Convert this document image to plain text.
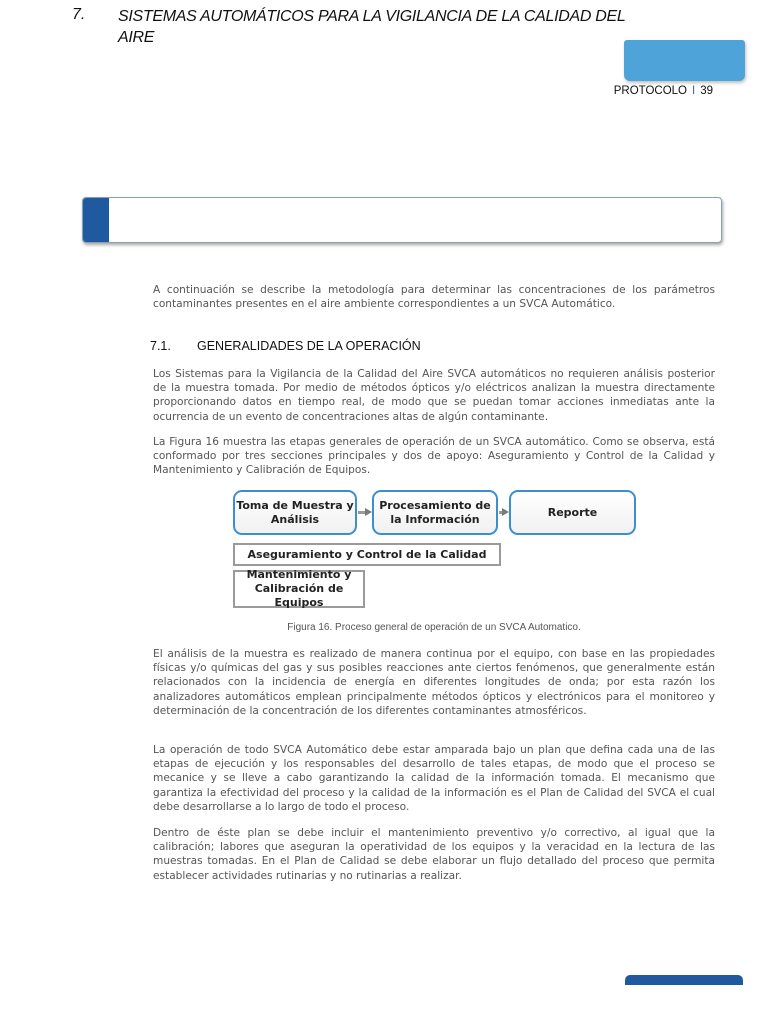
PROTOCOLO I 39
7. SISTEMAS AUTOMÁTICOS PARA LA VIGILANCIA DE LA CALIDAD DEL AIRE

A continuación se describe la metodología para determinar las concentraciones de los parámetros contaminantes presentes en el aire ambiente correspondientes a un SVCA Automático.

7.1. GENERALIDADES DE LA OPERACIÓN

Los Sistemas para la Vigilancia de la Calidad del Aire SVCA automáticos no requieren análisis posterior de la muestra tomada. Por medio de métodos ópticos y/o eléctricos analizan la muestra directamente proporcionando datos en tiempo real, de modo que se puedan tomar acciones inmediatas ante la ocurrencia de un evento de concentraciones altas de algún contaminante.

La Figura 16 muestra las etapas generales de operación de un SVCA automático. Como se observa, está conformado por tres secciones principales y dos de apoyo: Aseguramiento y Control de la Calidad y Mantenimiento y Calibración de Equipos.

Toma de Muestra y Análisis
Procesamiento de la Información
Reporte
Aseguramiento y Control de la Calidad
Mantenimiento y Calibración de Equipos
Figura 16. Proceso general de operación de un SVCA Automatico.

El análisis de la muestra es realizado de manera continua por el equipo, con base en las propiedades físicas y/o químicas del gas y sus posibles reacciones ante ciertos fenómenos, que generalmente están relacionados con la incidencia de energía en diferentes longitudes de onda; por esta razón los analizadores automáticos emplean principalmente métodos ópticos y electrónicos para el monitoreo y determinación de la concentración de los diferentes contaminantes atmosféricos.

La operación de todo SVCA Automático debe estar amparada bajo un plan que defina cada una de las etapas de ejecución y los responsables del desarrollo de tales etapas, de modo que el proceso se mecanice y se lleve a cabo garantizando la calidad de la información tomada. El mecanismo que garantiza la efectividad del proceso y la calidad de la información es el Plan de Calidad del SVCA el cual debe desarrollarse a lo largo de todo el proceso.

Dentro de éste plan se debe incluir el mantenimiento preventivo y/o correctivo, al igual que la calibración; labores que aseguran la operatividad de los equipos y la veracidad en la lectura de las muestras tomadas. En el Plan de Calidad se debe elaborar un flujo detallado del proceso que permita establecer actividades rutinarias y no rutinarias a realizar.
